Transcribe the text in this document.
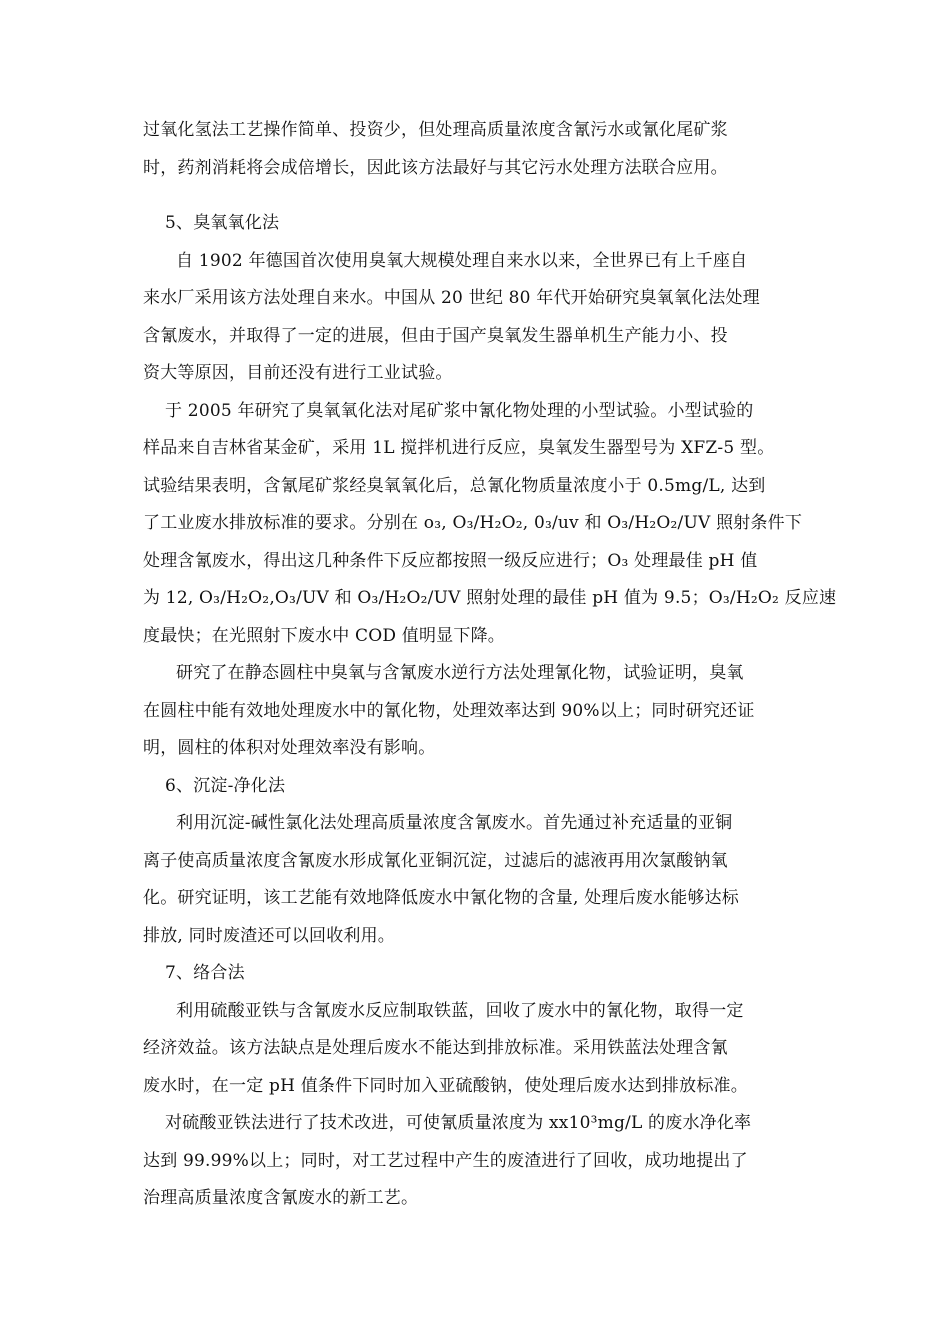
过氧化氢法工艺操作简单、投资少，但处理高质量浓度含氰污水或氰化尾矿浆
时，药剂消耗将会成倍增长，因此该方法最好与其它污水处理方法联合应用。
5、臭氧氧化法
自 1902 年德国首次使用臭氧大规模处理自来水以来，全世界已有上千座自
来水厂采用该方法处理自来水。中国从 20 世纪 80 年代开始研究臭氧氧化法处理
含氰废水，并取得了一定的进展，但由于国产臭氧发生器单机生产能力小、投
资大等原因，目前还没有进行工业试验。
于 2005 年研究了臭氧氧化法对尾矿浆中氰化物处理的小型试验。小型试验的
样品来自吉林省某金矿，采用 1L 搅拌机进行反应，臭氧发生器型号为 XFZ-5 型。
试验结果表明，含氰尾矿浆经臭氧氧化后，总氰化物质量浓度小于 0.5mg/L, 达到
了工业废水排放标准的要求。分别在 o₃, O₃/H₂O₂, 0₃/uv 和 O₃/H₂O₂/UV 照射条件下
处理含氰废水，得出这几种条件下反应都按照一级反应进行；O₃ 处理最佳 pH 值
为 12, O₃/H₂O₂,O₃/UV 和 O₃/H₂O₂/UV 照射处理的最佳 pH 值为 9.5；O₃/H₂O₂ 反应速
度最快；在光照射下废水中 COD 值明显下降。
研究了在静态圆柱中臭氧与含氰废水逆行方法处理氰化物，试验证明，臭氧
在圆柱中能有效地处理废水中的氰化物，处理效率达到 90%以上；同时研究还证
明，圆柱的体积对处理效率没有影响。
6、沉淀-净化法
利用沉淀-碱性氯化法处理高质量浓度含氰废水。首先通过补充适量的亚铜
离子使高质量浓度含氰废水形成氰化亚铜沉淀，过滤后的滤液再用次氯酸钠氧
化。研究证明，该工艺能有效地降低废水中氰化物的含量, 处理后废水能够达标
排放, 同时废渣还可以回收利用。
7、络合法
利用硫酸亚铁与含氰废水反应制取铁蓝，回收了废水中的氰化物，取得一定
经济效益。该方法缺点是处理后废水不能达到排放标准。采用铁蓝法处理含氰
废水时，在一定 pH 值条件下同时加入亚硫酸钠，使处理后废水达到排放标准。
对硫酸亚铁法进行了技术改进，可使氰质量浓度为 xx10³mg/L 的废水净化率
达到 99.99%以上；同时，对工艺过程中产生的废渣进行了回收，成功地提出了
治理高质量浓度含氰废水的新工艺。
